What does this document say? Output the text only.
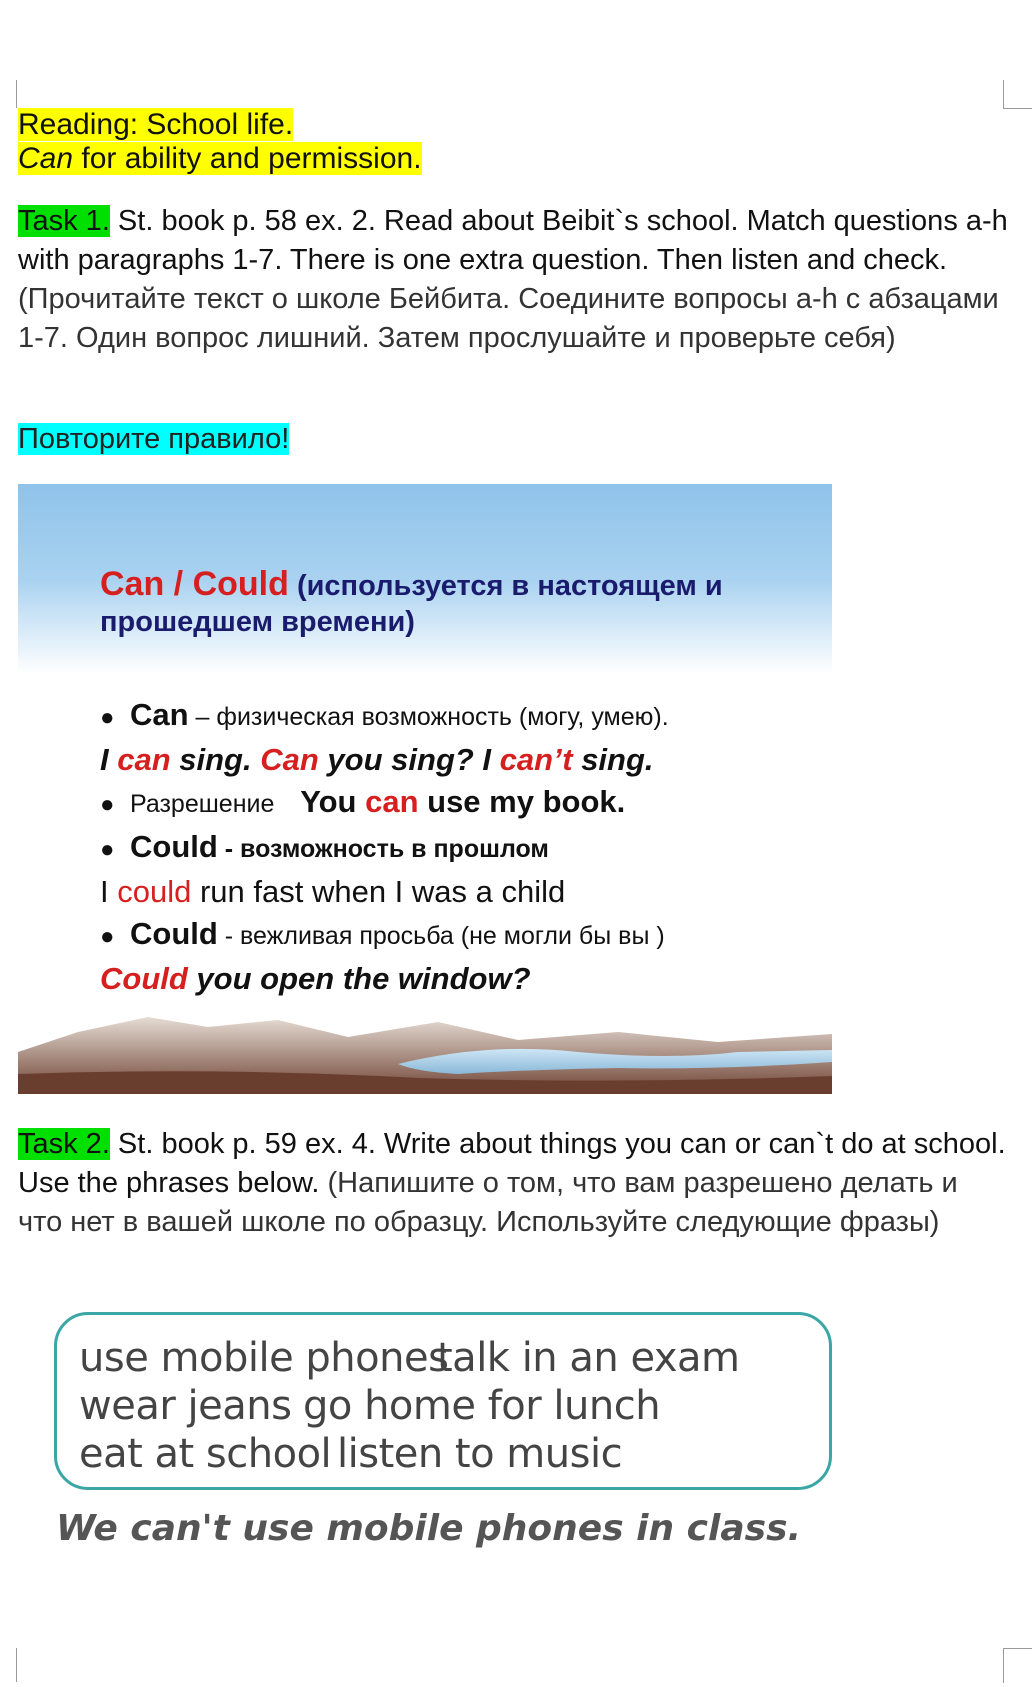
Reading: School life.
Can for ability and permission.
Task 1. St. book p. 58 ex. 2. Read about Beibit`s school. Match questions a-h with paragraphs 1-7. There is one extra question. Then listen and check. (Прочитайте текст о школе Бейбита. Соедините вопросы a-h с абзацами 1-7. Один вопрос лишний. Затем прослушайте и проверьте себя)
Повторите правило!
Can / Could (используется в настоящем и прошедшем времени)
● Can – физическая возможность (могу, умею).
I can sing. Can you sing? I can’t sing.
● Разрешение You can use my book.
● Could - возможность в прошлом
I could run fast when I was a child
● Could - вежливая просьба (не могли бы вы )
Could you open the window?
Task 2. St. book p. 59 ex. 4. Write about things you can or can`t do at school. Use the phrases below. (Напишите о том, что вам разрешено делать и что нет в вашей школе по образцу. Используйте следующие фразы)
use mobile phones
talk in an exam
wear jeans go home for lunch
eat at school listen to music
We can't use mobile phones in class.
